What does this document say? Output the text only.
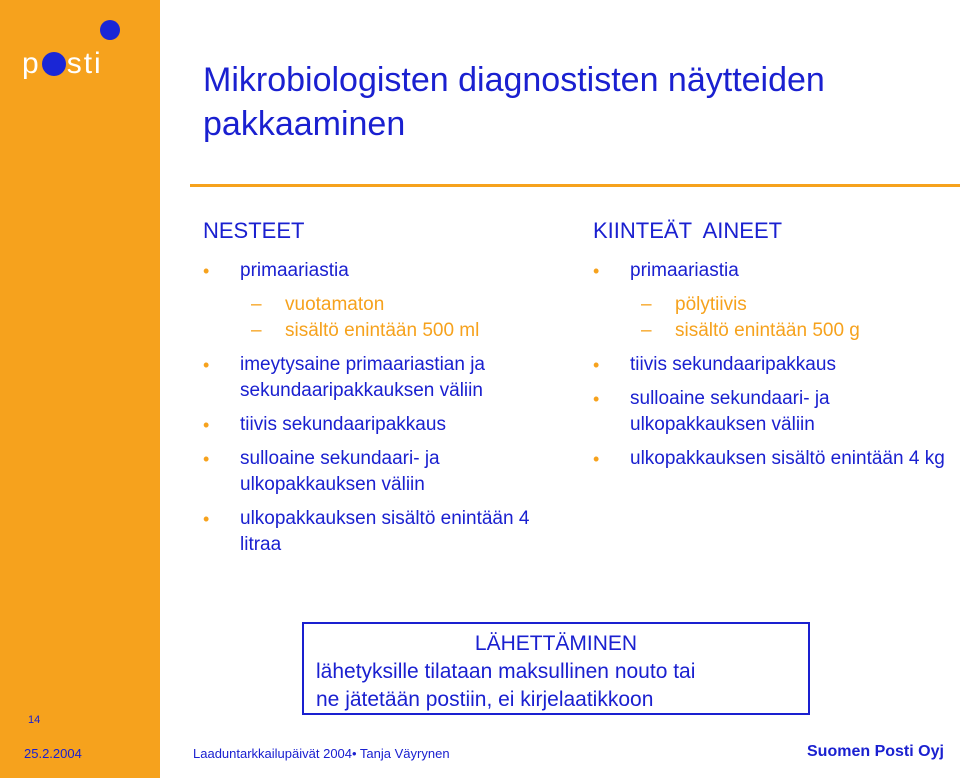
p sti	Mikrobiologisten diagnostisten näytteiden pakkaaminen
NESTEET
• primaariastia
– vuotamaton
– sisältö enintään 500 ml
• imeytysaine primaariastian ja sekundaaripakkauksen väliin
• tiivis sekundaaripakkaus
• sulloaine sekundaari- ja ulkopakkauksen väliin
• ulkopakkauksen sisältö enintään 4 litraa
KIINTEÄT  AINEET
• primaariastia
– pölytiivis
– sisältö enintään 500 g
• tiivis sekundaaripakkaus
• sulloaine sekundaari- ja ulkopakkauksen väliin
• ulkopakkauksen sisältö enintään 4 kg
LÄHETTÄMINEN
lähetyksille tilataan maksullinen nouto tai
ne jätetään postiin, ei kirjelaatikkoon
14
25.2.2004	Laaduntarkkailupäivät 2004• Tanja Väyrynen	Suomen Posti Oyj
